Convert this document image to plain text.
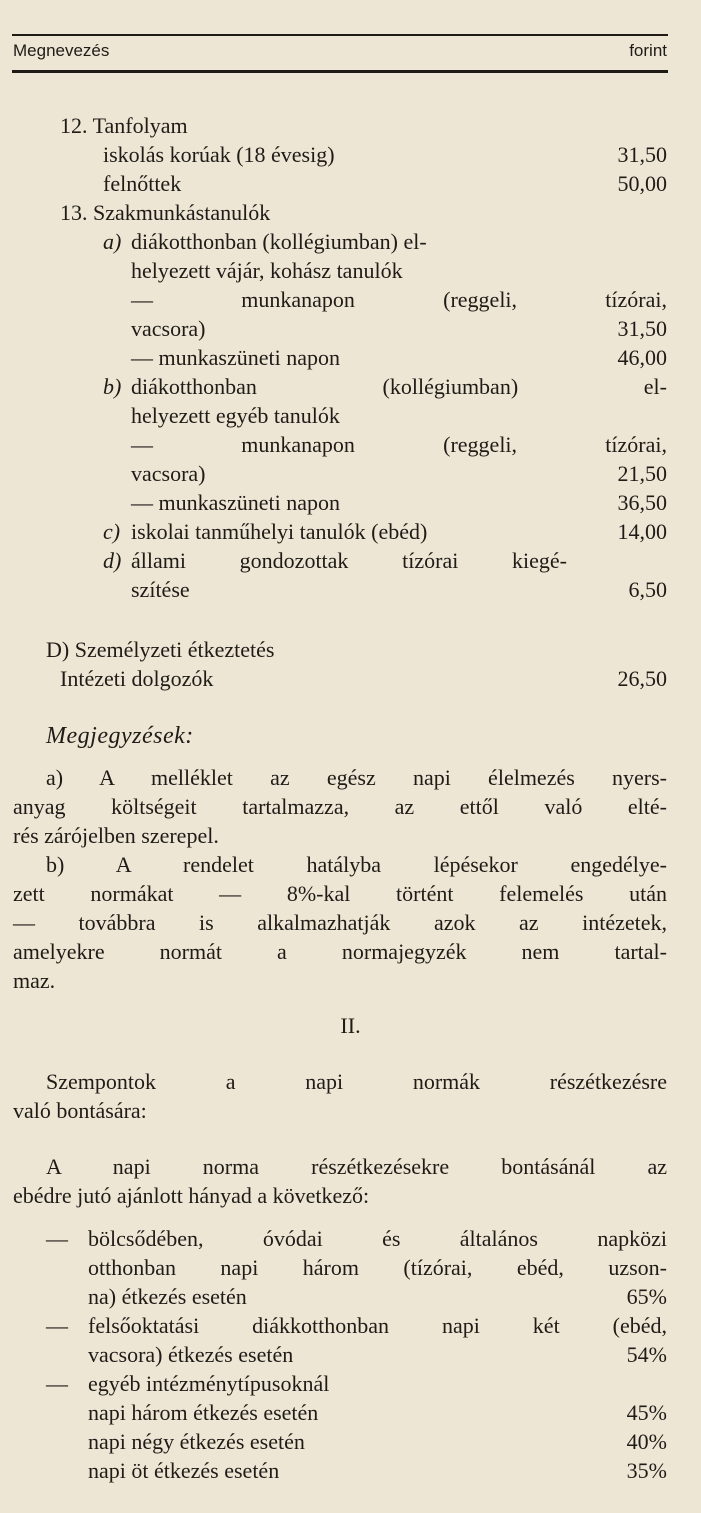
Megnevezés	forint
12. Tanfolyam
iskolás korúak (18 évesig)	31,50
felnőttek	50,00
13. Szakmunkástanulók
a) diákotthonban (kollégiumban) el-
helyezett vájár, kohász tanulók
— munkanapon (reggeli, tízórai,
vacsora)	31,50
— munkaszüneti napon	46,00
b) diákotthonban (kollégiumban) el-
helyezett egyéb tanulók
— munkanapon (reggeli, tízórai,
vacsora)	21,50
— munkaszüneti napon	36,50
c) iskolai tanműhelyi tanulók (ebéd)	14,00
d) állami gondozottak tízórai kiegé-
szítése	6,50
D) Személyzeti étkeztetés
Intézeti dolgozók	26,50
Megjegyzések:
a) A melléklet az egész napi élelmezés nyers-
anyag költségeit tartalmazza, az ettől való elté-
rés zárójelben szerepel.
b) A rendelet hatályba lépésekor engedélye-
zett normákat — 8%-kal történt felemelés után
— továbbra is alkalmazhatják azok az intézetek,
amelyekre normát a normajegyzék nem tartal-
maz.
II.
Szempontok a napi normák részétkezésre
való bontására:
A napi norma részétkezésekre bontásánál az
ebédre jutó ajánlott hányad a következő:
— bölcsődében, óvódai és általános napközi
otthonban napi három (tízórai, ebéd, uzson-
na) étkezés esetén	65%
— felsőoktatási diákkotthonban napi két (ebéd,
vacsora) étkezés esetén	54%
— egyéb intézménytípusoknál
napi három étkezés esetén	45%
napi négy étkezés esetén	40%
napi öt étkezés esetén	35%
